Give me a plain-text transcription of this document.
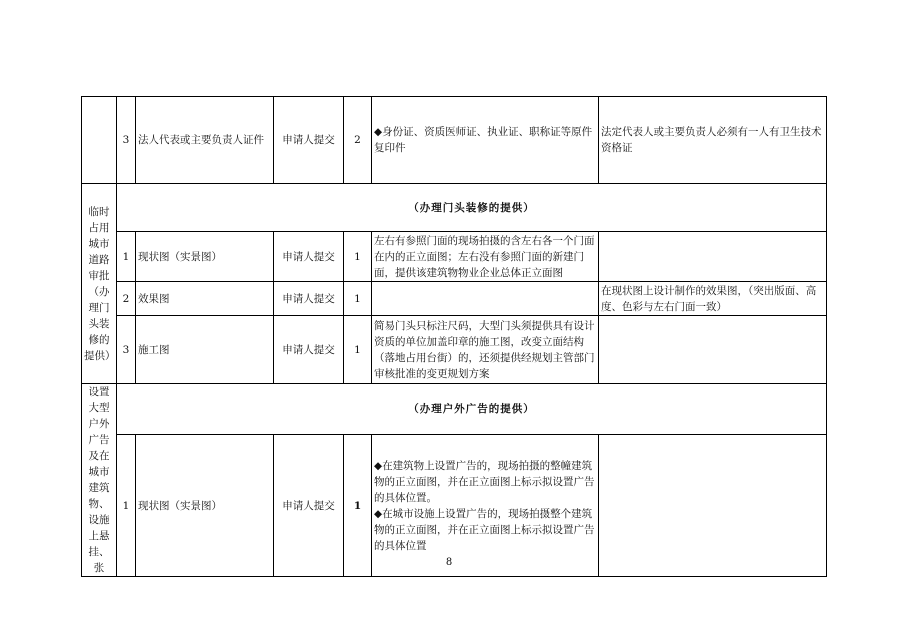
	3	法人代表或主要负责人证件	申请人提交	2	◆身份证、资质医师证、执业证、职称证等原件复印件	法定代表人或主要负责人必须有一人有卫生技术资格证
临时占用城市道路审批（办理门头装修的提供）	（办理门头装修的提供）					
	1	现状图（实景图）	申请人提交	1	左右有参照门面的现场拍摄的含左右各一个门面在内的正立面图；左右没有参照门面的新建门面，提供该建筑物物业企业总体正立面图	
	2	效果图	申请人提交	1		在现状图上设计制作的效果图，（突出版面、高度、色彩与左右门面一致）
	3	施工图	申请人提交	1	简易门头只标注尺码，大型门头须提供具有设计资质的单位加盖印章的施工图，改变立面结构（落地占用台街）的，还须提供经规划主管部门审核批准的变更规划方案	
设置大型户外广告及在城市建筑物、设施上悬挂、张	（办理户外广告的提供）					
	1	现状图（实景图）	申请人提交	1	◆在建筑物上设置广告的，现场拍摄的整幢建筑物的正立面图，并在正立面图上标示拟设置广告的具体位置。
◆在城市设施上设置广告的，现场拍摄整个建筑物的正立面图，并在正立面图上标示拟设置广告的具体位置	

8
